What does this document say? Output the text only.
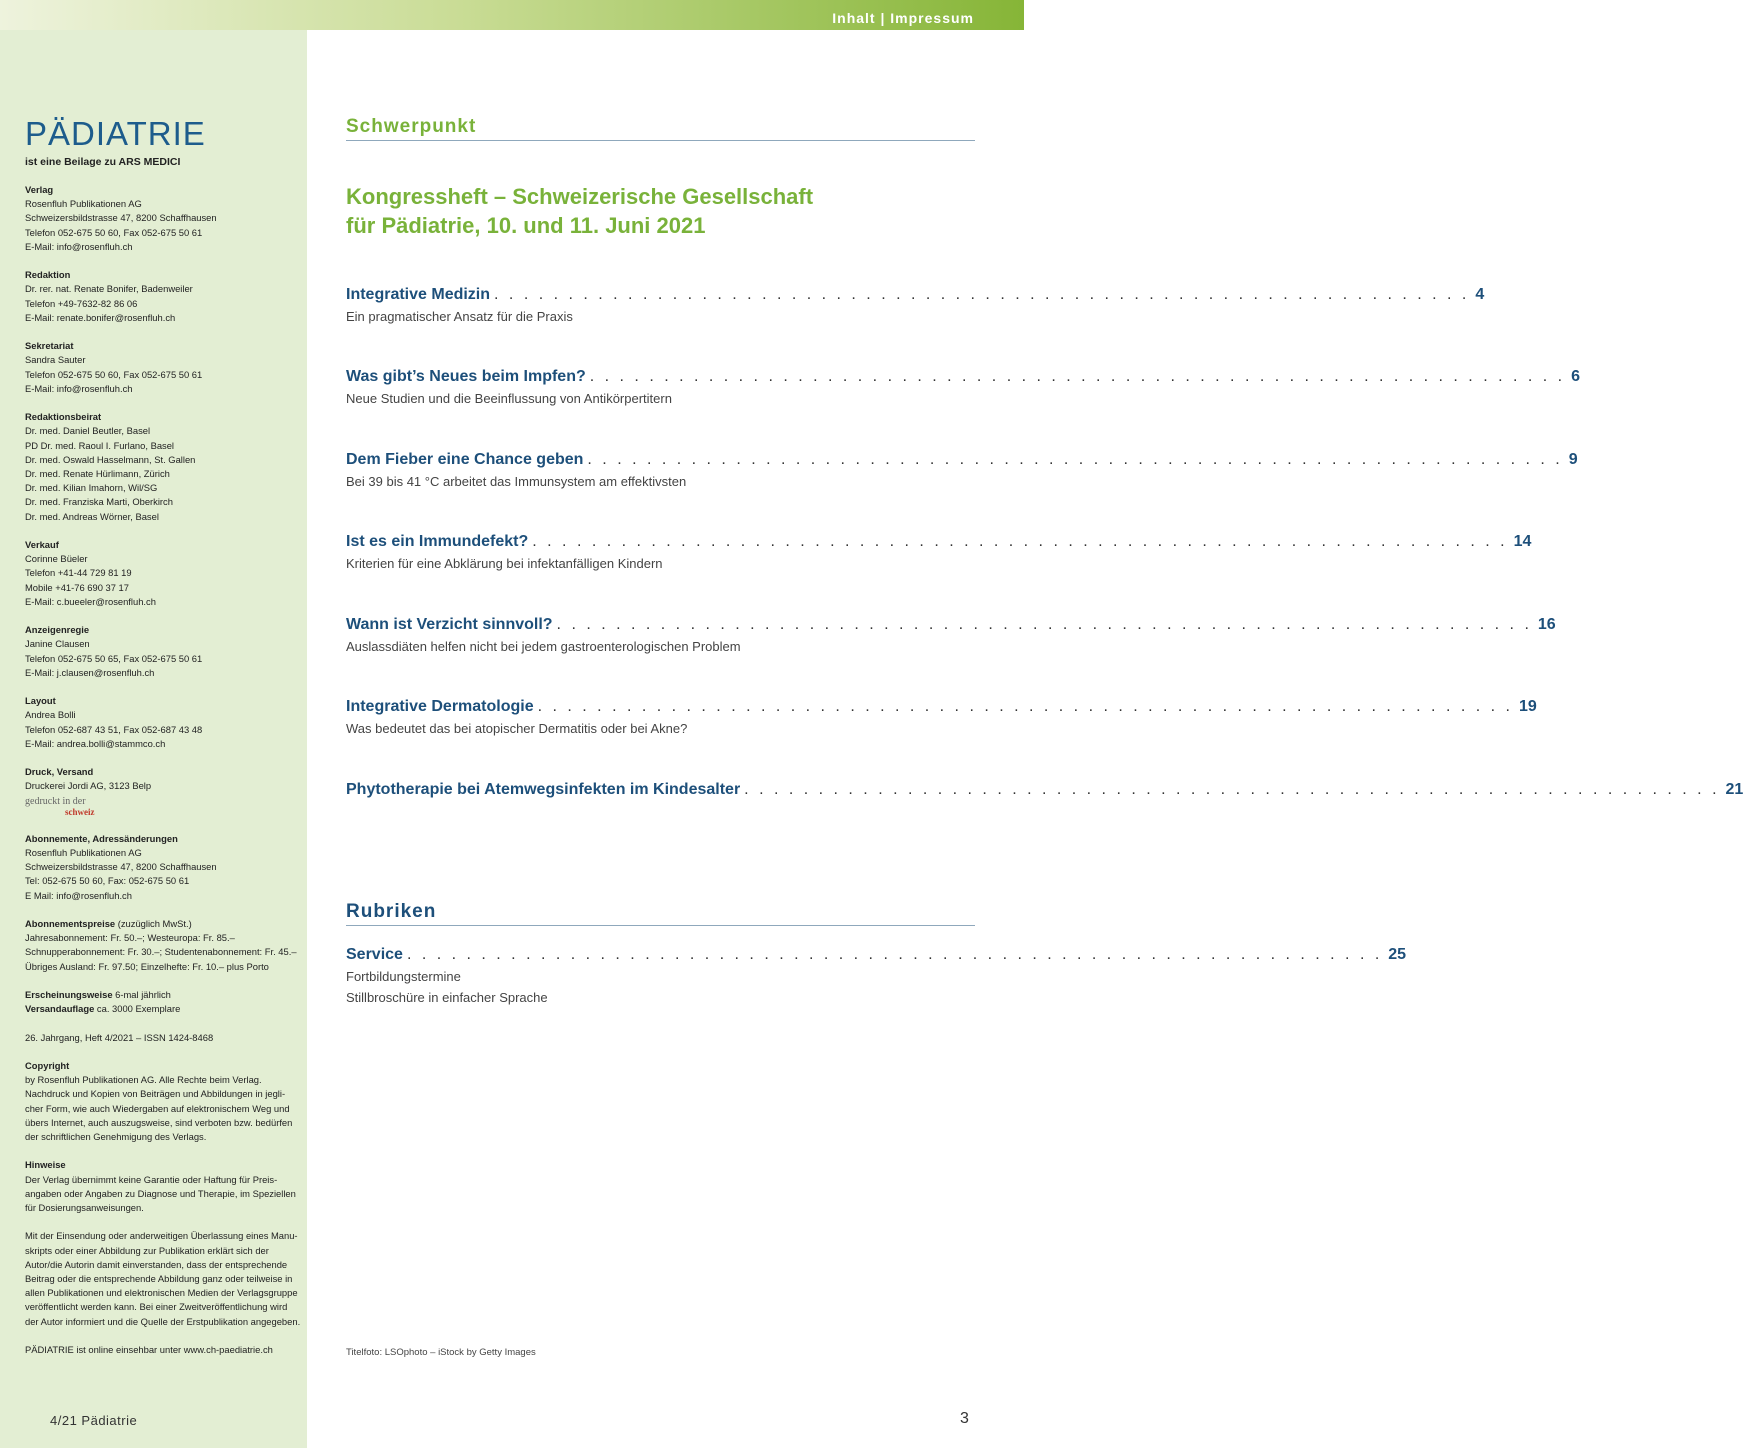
Inhalt | Impressum
PÄDIATRIE
ist eine Beilage zu ARS MEDICI
Verlag
Rosenfluh Publikationen AG
Schweizersbildstrasse 47, 8200 Schaffhausen
Telefon 052-675 50 60, Fax 052-675 50 61
E-Mail: info@rosenfluh.ch
Redaktion
Dr. rer. nat. Renate Bonifer, Badenweiler
Telefon +49-7632-82 86 06
E-Mail: renate.bonifer@rosenfluh.ch
Sekretariat
Sandra Sauter
Telefon 052-675 50 60, Fax 052-675 50 61
E-Mail: info@rosenfluh.ch
Redaktionsbeirat
Dr. med. Daniel Beutler, Basel
PD Dr. med. Raoul I. Furlano, Basel
Dr. med. Oswald Hasselmann, St. Gallen
Dr. med. Renate Hürlimann, Zürich
Dr. med. Kilian Imahorn, Wil/SG
Dr. med. Franziska Marti, Oberkirch
Dr. med. Andreas Wörner, Basel
Verkauf
Corinne Büeler
Telefon +41-44 729 81 19
Mobile +41-76 690 37 17
E-Mail: c.bueeler@rosenfluh.ch
Anzeigenregie
Janine Clausen
Telefon 052-675 50 65, Fax 052-675 50 61
E-Mail: j.clausen@rosenfluh.ch
Layout
Andrea Bolli
Telefon 052-687 43 51, Fax 052-687 43 48
E-Mail: andrea.bolli@stammco.ch
Druck, Versand
Druckerei Jordi AG, 3123 Belp
gedruckt in der
schweiz
Abonnemente, Adressänderungen
Rosenfluh Publikationen AG
Schweizersbildstrasse 47, 8200 Schaffhausen
Tel: 052-675 50 60, Fax: 052-675 50 61
E Mail: info@rosenfluh.ch
Abonnementspreise (zuzüglich MwSt.)
Jahresabonnement: Fr. 50.–; Westeuropa: Fr. 85.–
Schnupperabonnement: Fr. 30.–; Studentenabonnement: Fr. 45.–
Übriges Ausland: Fr. 97.50; Einzelhefte: Fr. 10.– plus Porto
Erscheinungsweise 6-mal jährlich
Versandauflage ca. 3000 Exemplare
26. Jahrgang, Heft 4/2021 – ISSN 1424-8468
Copyright
by Rosenfluh Publikationen AG. Alle Rechte beim Verlag.
Nachdruck und Kopien von Beiträgen und Abbildungen in jegli-
cher Form, wie auch Wiedergaben auf elektronischem Weg und
übers Internet, auch auszugsweise, sind verboten bzw. bedürfen
der schriftlichen Genehmigung des Verlags.
Hinweise
Der Verlag übernimmt keine Garantie oder Haftung für Preis-
angaben oder Angaben zu Diagnose und Therapie, im Speziellen
für Dosierungsanweisungen.
Mit der Einsendung oder anderweitigen Überlassung eines Manu-
skripts oder einer Abbildung zur Publikation erklärt sich der
Autor/die Autorin damit einverstanden, dass der entsprechende
Beitrag oder die entsprechende Abbildung ganz oder teilweise in
allen Publikationen und elektronischen Medien der Verlagsgruppe
veröffentlicht werden kann. Bei einer Zweitveröffentlichung wird
der Autor informiert und die Quelle der Erstpublikation angegeben.
PÄDIATRIE ist online einsehbar unter www.ch-paediatrie.ch
Schwerpunkt
Kongressheft – Schweizerische Gesellschaft
für Pädiatrie, 10. und 11. Juni 2021
Integrative Medizin . . . . . . . . . . . . . . . . . . . . . . . . . . . . . . . . . . . . . . . . . . . . . . . . . . . . . . . . . . . . . . . . . . 4
Ein pragmatischer Ansatz für die Praxis
Was gibt’s Neues beim Impfen? . . . . . . . . . . . . . . . . . . . . . . . . . . . . . . . . . . . . . . . . . . . . . . . . . . . . . . . . . . . . . . . . . . 6
Neue Studien und die Beeinflussung von Antikörpertitern
Dem Fieber eine Chance geben . . . . . . . . . . . . . . . . . . . . . . . . . . . . . . . . . . . . . . . . . . . . . . . . . . . . . . . . . . . . . . . . . . 9
Bei 39 bis 41 °C arbeitet das Immunsystem am effektivsten
Ist es ein Immundefekt? . . . . . . . . . . . . . . . . . . . . . . . . . . . . . . . . . . . . . . . . . . . . . . . . . . . . . . . . . . . . . . . . . . 14
Kriterien für eine Abklärung bei infektanfälligen Kindern
Wann ist Verzicht sinnvoll? . . . . . . . . . . . . . . . . . . . . . . . . . . . . . . . . . . . . . . . . . . . . . . . . . . . . . . . . . . . . . . . . . . 16
Auslassdiäten helfen nicht bei jedem gastroenterologischen Problem
Integrative Dermatologie . . . . . . . . . . . . . . . . . . . . . . . . . . . . . . . . . . . . . . . . . . . . . . . . . . . . . . . . . . . . . . . . . . 19
Was bedeutet das bei atopischer Dermatitis oder bei Akne?
Phytotherapie bei Atemwegsinfekten im Kindesalter . . . . . . . . . . . . . . . . . . . . . . . . . . . . . . . . . . . . . . . . . . . . . . . . . . . . . . . . . . . . . . . . . . 21
Rubriken
Service . . . . . . . . . . . . . . . . . . . . . . . . . . . . . . . . . . . . . . . . . . . . . . . . . . . . . . . . . . . . . . . . . . 25
Fortbildungstermine
Stillbroschüre in einfacher Sprache
Titelfoto: LSOphoto – iStock by Getty Images
4/21 Pädiatrie	3
